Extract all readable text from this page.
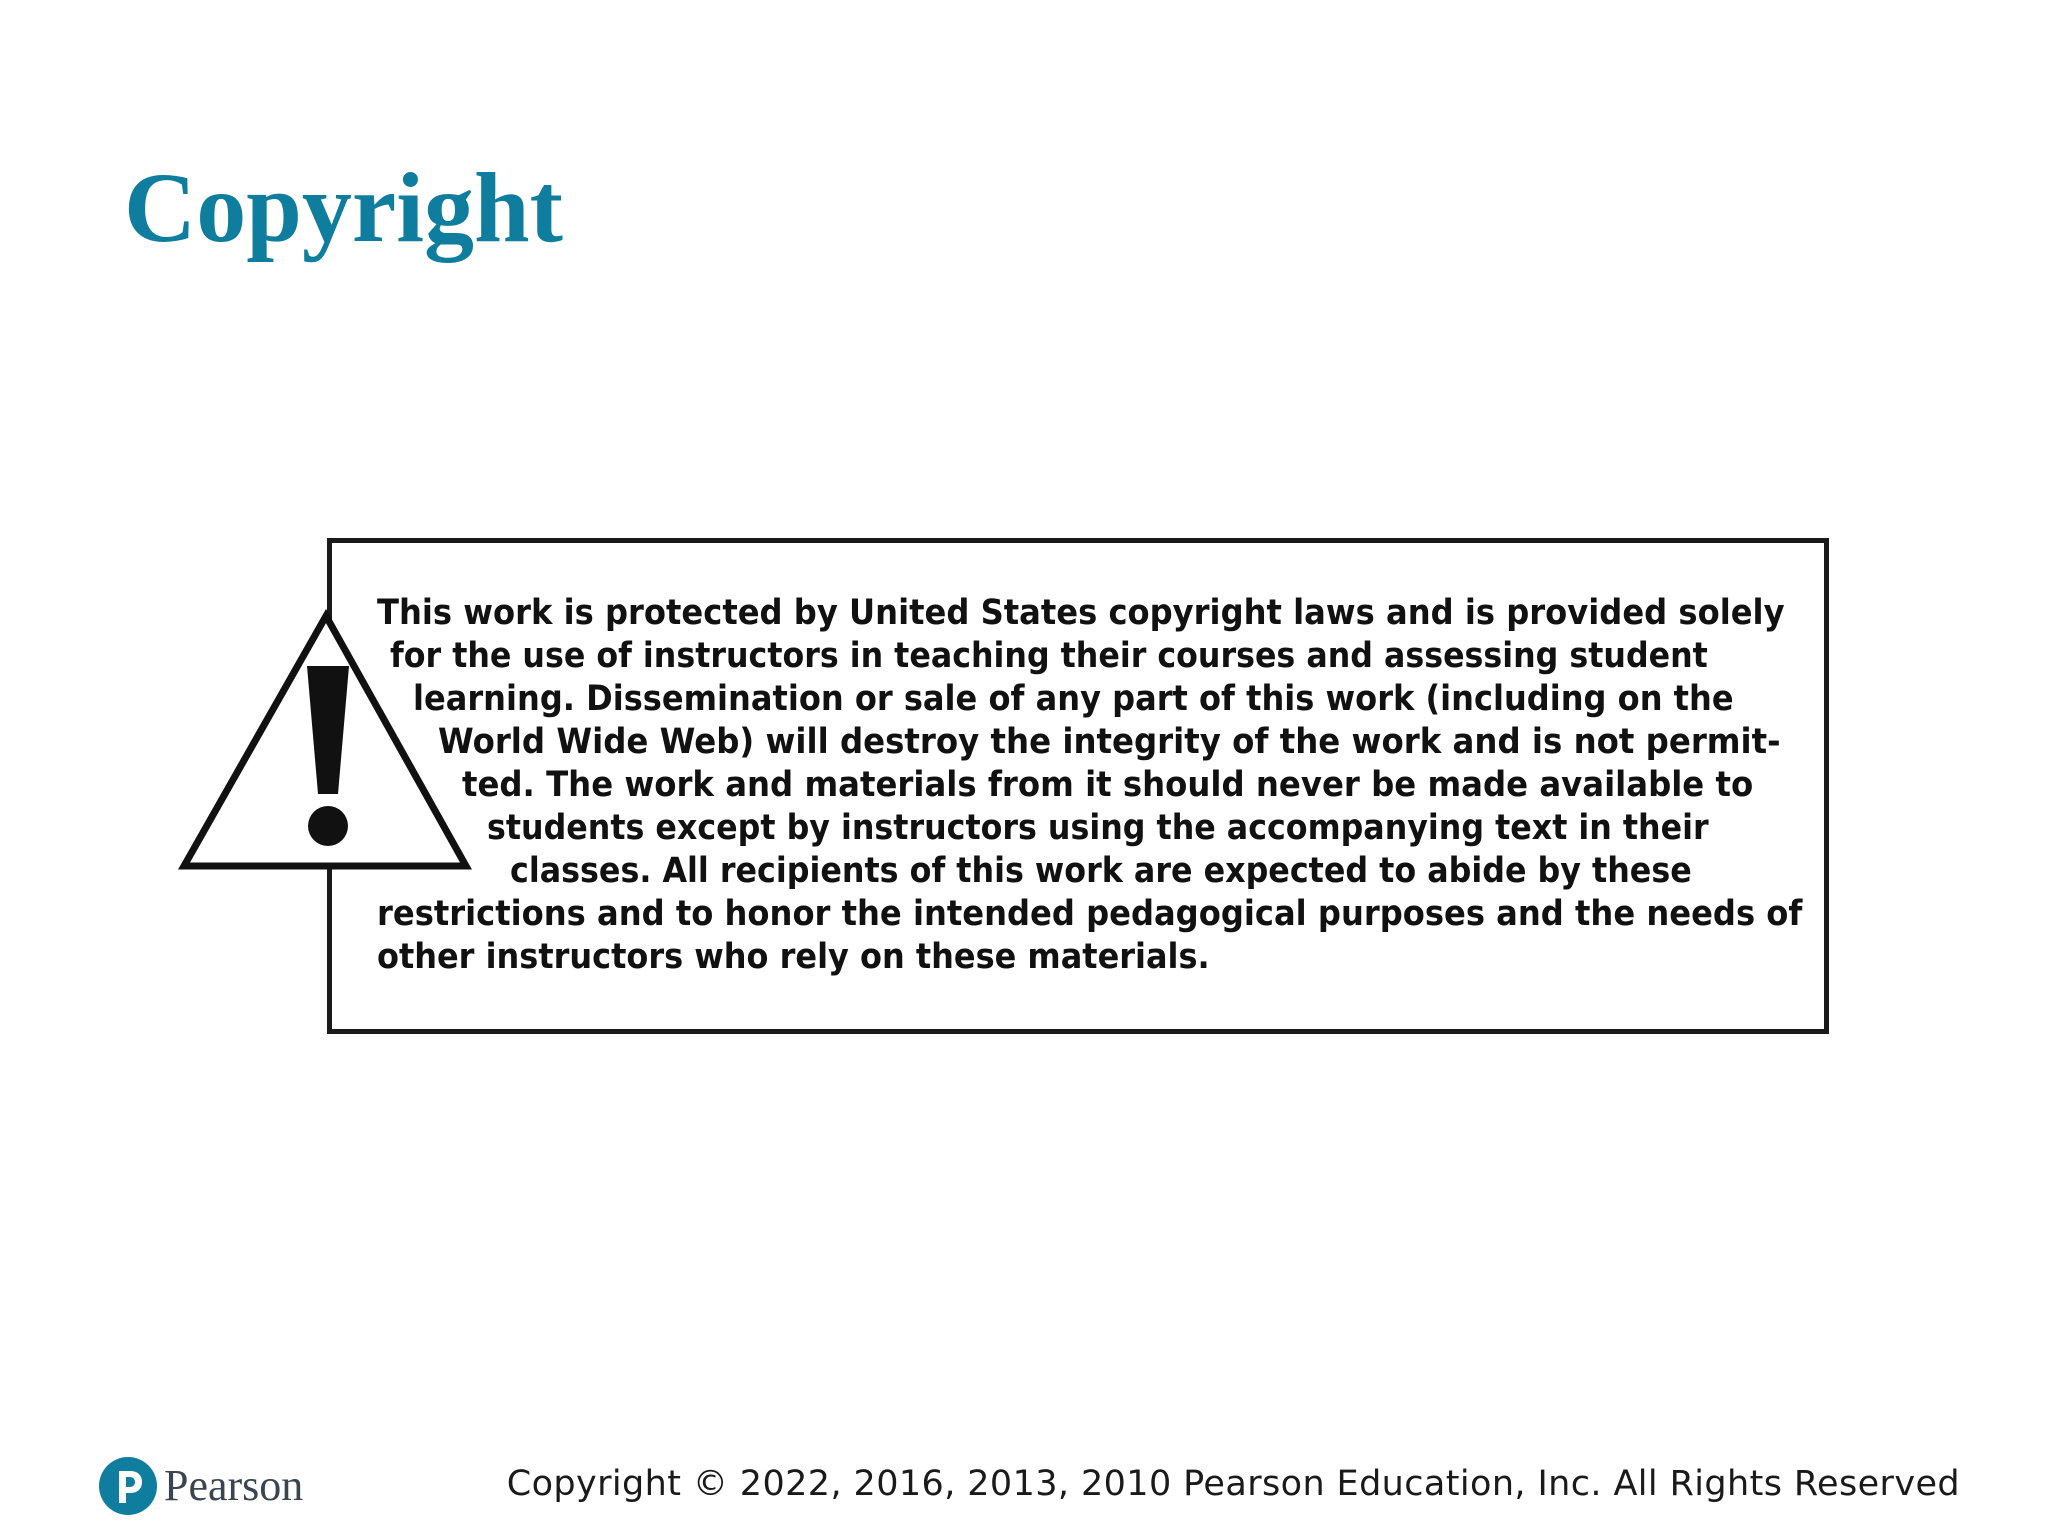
Copyright

This work is protected by United States copyright laws and is provided solely

for the use of instructors in teaching their courses and assessing student

learning. Dissemination or sale of any part of this work (including on the

World Wide Web) will destroy the integrity of the work and is not permit-

ted. The work and materials from it should never be made available to

students except by instructors using the accompanying text in their

classes. All recipients of this work are expected to abide by these

restrictions and to honor the intended pedagogical purposes and the needs of

other instructors who rely on these materials.

Pearson	Copyright © 2022, 2016, 2013, 2010 Pearson Education, Inc. All Rights Reserved
